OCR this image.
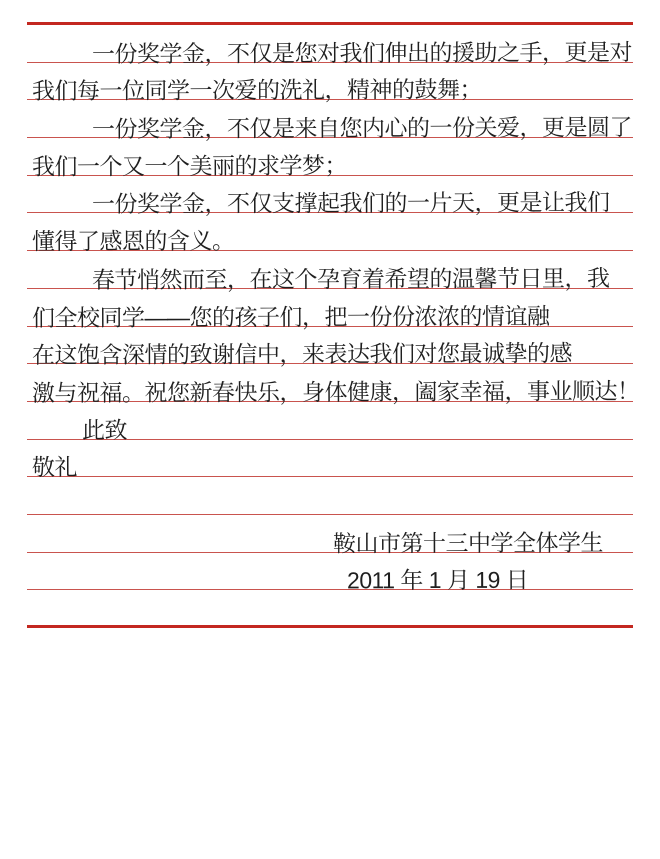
一份奖学金，不仅是您对我们伸出的援助之手，更是对
我们每一位同学一次爱的洗礼，精神的鼓舞；
一份奖学金，不仅是来自您内心的一份关爱，更是圆了
我们一个又一个美丽的求学梦；
一份奖学金，不仅支撑起我们的一片天，更是让我们
懂得了感恩的含义。
春节悄然而至，在这个孕育着希望的温馨节日里，我
们全校同学——您的孩子们，把一份份浓浓的情谊融
在这饱含深情的致谢信中，来表达我们对您最诚挚的感
激与祝福。祝您新春快乐，身体健康，阖家幸福，事业顺达！
此致
敬礼
鞍山市第十三中学全体学生
2011 年 1 月 19 日
